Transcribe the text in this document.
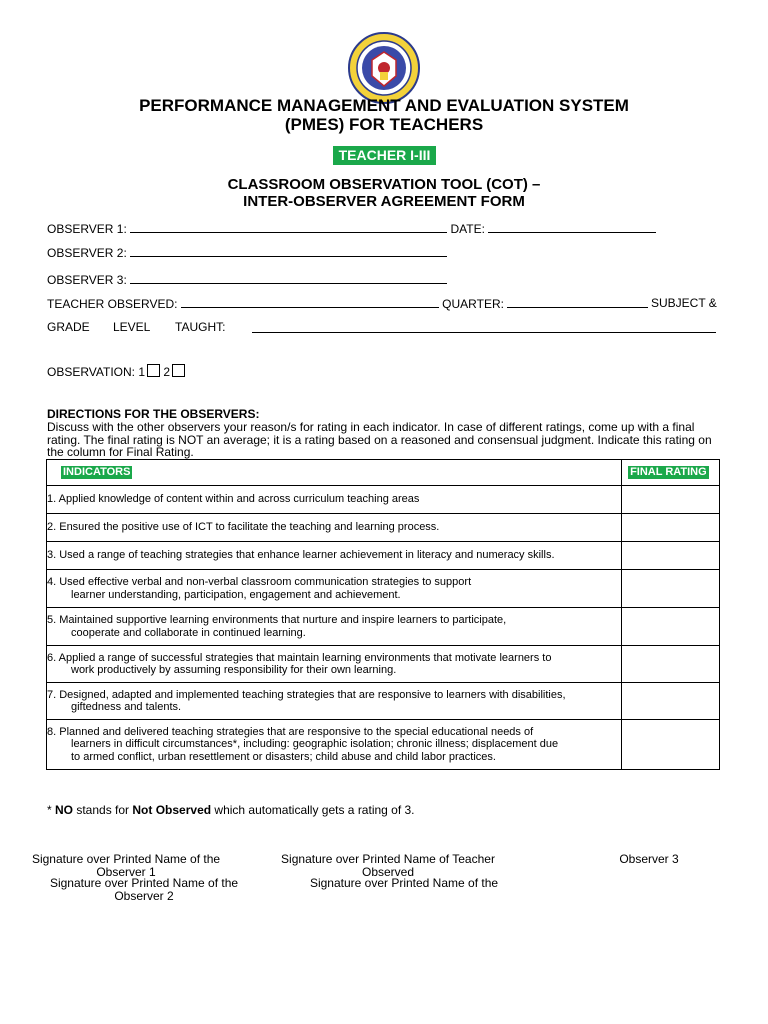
PERFORMANCE MANAGEMENT AND EVALUATION SYSTEM
(PMES) FOR TEACHERS
TEACHER I-III
CLASSROOM OBSERVATION TOOL (COT) –
INTER-OBSERVER AGREEMENT FORM
OBSERVER 1:	DATE:
OBSERVER 2:
OBSERVER 3:
TEACHER OBSERVED:	QUARTER:	SUBJECT &
GRADE LEVEL TAUGHT:
OBSERVATION: 1 2
DIRECTIONS FOR THE OBSERVERS:
Discuss with the other observers your reason/s for rating in each indicator. In case of different ratings, come up with a final rating. The final rating is NOT an average; it is a rating based on a reasoned and consensual judgment. Indicate this rating on the column for Final Rating.
INDICATORS	FINAL RATING

1. Applied knowledge of content within and across curriculum teaching areas	

2. Ensured the positive use of ICT to facilitate the teaching and learning process.	

3. Used a range of teaching strategies that enhance learner achievement in literacy and numeracy skills.	

4. Used effective verbal and non-verbal classroom communication strategies to support
learner understanding, participation, engagement and achievement.	

5. Maintained supportive learning environments that nurture and inspire learners to participate,
cooperate and collaborate in continued learning.	

6. Applied a range of successful strategies that maintain learning environments that motivate learners to
work productively by assuming responsibility for their own learning.	

7. Designed, adapted and implemented teaching strategies that are responsive to learners with disabilities,
giftedness and talents.	

8. Planned and delivered teaching strategies that are responsive to the special educational needs of
learners in difficult circumstances*, including: geographic isolation; chronic illness; displacement due
to armed conflict, urban resettlement or disasters; child abuse and child labor practices.	

* NO stands for Not Observed which automatically gets a rating of 3.
Signature over Printed Name of the
Observer 1
Signature over Printed Name of the
Observer 2
Signature over Printed Name of Teacher
Observed
Signature over Printed Name of the
Observer 3
